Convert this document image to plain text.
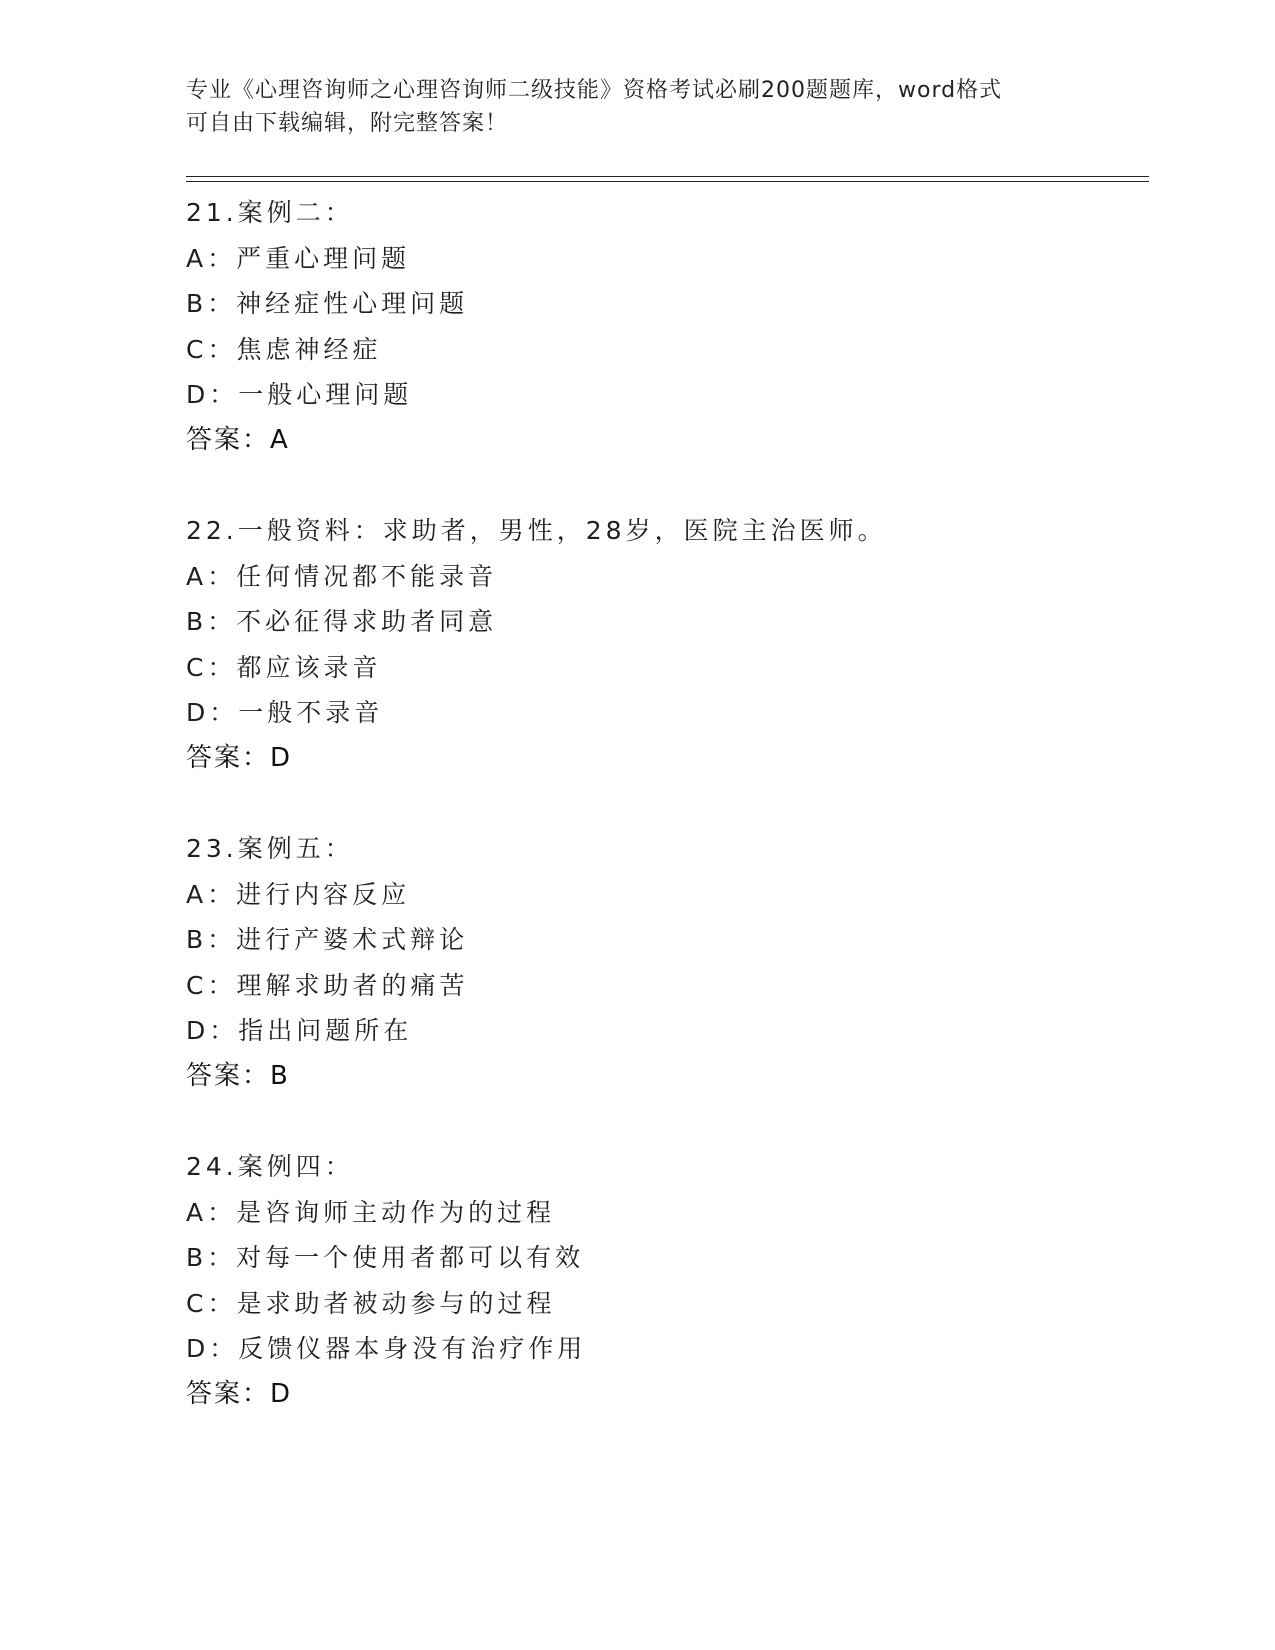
专业《心理咨询师之心理咨询师二级技能》资格考试必刷200题题库，word格式

可自由下载编辑，附完整答案！

21.案例二：
A：严重心理问题
B：神经症性心理问题
C：焦虑神经症
D：一般心理问题
答案：A
22.一般资料：求助者，男性，28岁，医院主治医师。
A：任何情况都不能录音
B：不必征得求助者同意
C：都应该录音
D：一般不录音
答案：D
23.案例五：
A：进行内容反应
B：进行产婆术式辩论
C：理解求助者的痛苦
D：指出问题所在
答案：B
24.案例四：
A：是咨询师主动作为的过程
B：对每一个使用者都可以有效
C：是求助者被动参与的过程
D：反馈仪器本身没有治疗作用
答案：D
